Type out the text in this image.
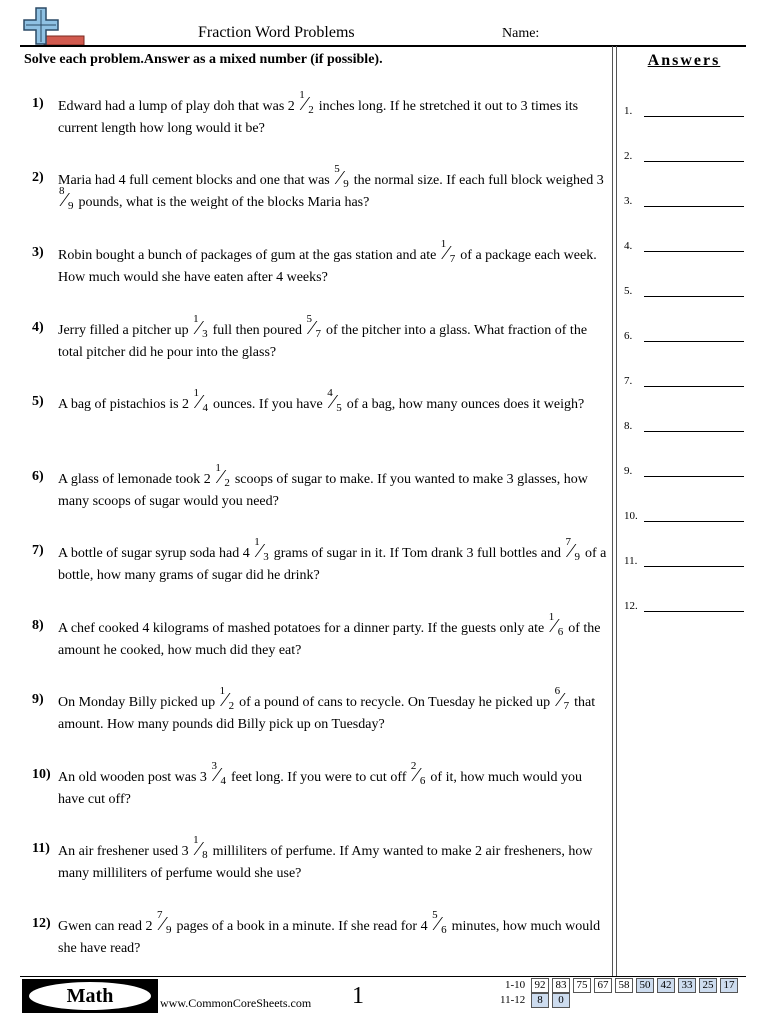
Fraction Word Problems	Name:
Solve each problem.Answer as a mixed number (if possible).	Answers
1) Edward had a lump of play doh that was 2
1
⁄ 2 inches long. If he stretched it out to 3 times its current length how long would it be?
2) Maria had 4 full cement blocks and one that was
5
⁄ 9 the normal size. If each full block weighed 3
8
⁄ 9 pounds, what is the weight of the blocks Maria has?
3) Robin bought a bunch of packages of gum at the gas station and ate
1
⁄ 7 of a package each week. How much would she have eaten after 4 weeks?
4) Jerry filled a pitcher up
1
⁄ 3 full then poured
5
⁄ 7 of the pitcher into a glass. What fraction of the total pitcher did he pour into the glass?
5) A bag of pistachios is 2
1
⁄ 4 ounces. If you have
4
⁄ 5 of a bag, how many ounces does it weigh?
6) A glass of lemonade took 2
1
⁄ 2 scoops of sugar to make. If you wanted to make 3 glasses, how many scoops of sugar would you need?
7) A bottle of sugar syrup soda had 4
1
⁄ 3 grams of sugar in it. If Tom drank 3 full bottles and
7
⁄ 9 of a bottle, how many grams of sugar did he drink?
8) A chef cooked 4 kilograms of mashed potatoes for a dinner party. If the guests only ate
1
⁄ 6 of the amount he cooked, how much did they eat?
9) On Monday Billy picked up
1
⁄ 2 of a pound of cans to recycle. On Tuesday he picked up
6
⁄ 7 that amount. How many pounds did Billy pick up on Tuesday?
10) An old wooden post was 3
3
⁄ 4 feet long. If you were to cut off
2
⁄ 6 of it, how much would you have cut off?
11) An air freshener used 3
1
⁄ 8 milliliters of perfume. If Amy wanted to make 2 air fresheners, how many milliliters of perfume would she use?
12) Gwen can read 2
7
⁄ 9 pages of a book in a minute. If she read for 4
5
⁄ 6 minutes, how much would she have read?
1.
2.
3.
4.
5.
6.
7.
8.
9.
10.
11.
12.
Math	www.CommonCoreSheets.com 1	1-10 92 83 75 67 58 50 42 33 25 17
11-12	8	0
